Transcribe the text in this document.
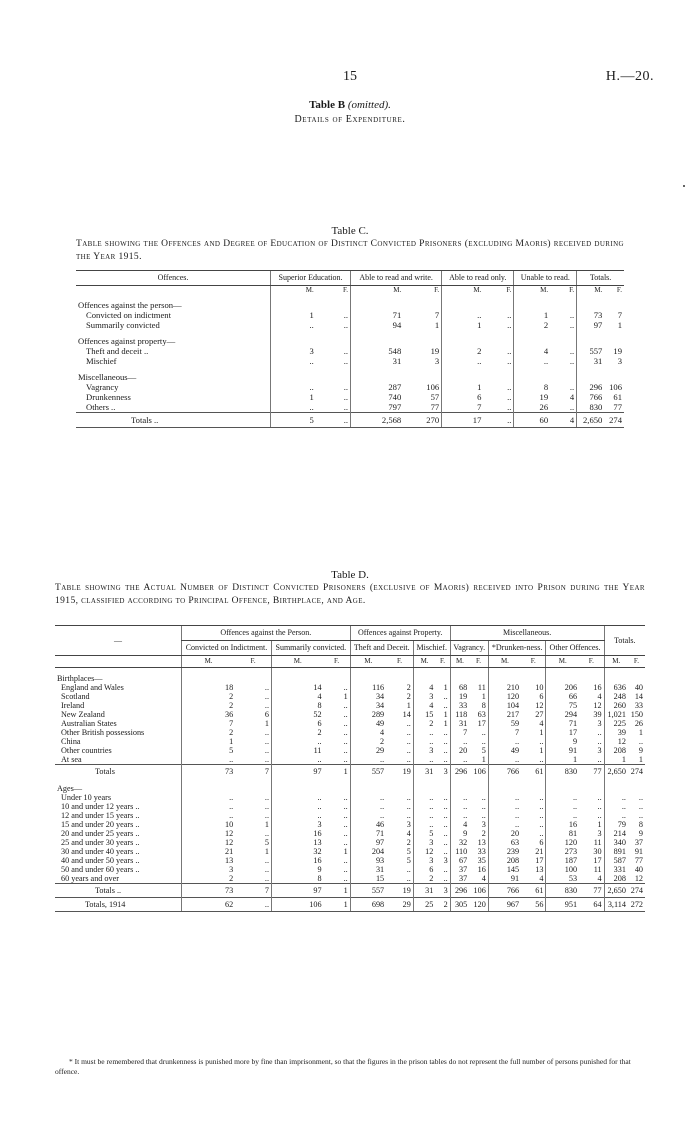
15	H.—20.
Table B (omitted).
Details of Expenditure.
Table C.
Table showing the Offences and Degree of Education of Distinct Convicted Prisoners (excluding Maoris) received during the Year 1915.
Offences.	Superior Education.		Able to read and write.		Able to read only.		Unable to read.		Totals.	
	M.	F.	M.	F.	M.	F.	M.	F.	M.	F.
Offences against the person—										
Convicted on indictment	1	..	71	7	..	..	1	..	73	7
Summarily convicted	..	..	94	1	1	..	2	..	97	1
Offences against property—										
Theft and deceit ..	3	..	548	19	2	..	4	..	557	19
Mischief	..	..	31	3	..	..	..	..	31	3
Miscellaneous—										
Vagrancy	..	..	287	106	1	..	8	..	296	106
Drunkenness	1	..	740	57	6	..	19	4	766	61
Others ..	..	..	797	77	7	..	26	..	830	77
Totals ..	5	..	2,568	270	17	..	60	4	2,650	274
Table D.
Table showing the Actual Number of Distinct Convicted Prisoners (exclusive of Maoris) received into Prison during the Year 1915, classified according to Principal Offence, Birthplace, and Age.
—	Offences against the Person.				Offences against Property.				Miscellaneous.						Totals.	
	Convicted on Indictment.		Summarily convicted.		Theft and Deceit.		Mischief.		Vagrancy.		*Drunken-ness.		Other Offences.			
	M.	F.	M.	F.	M.	F.	M.	F.	M.	F.	M.	F.	M.	F.	M.	F.
Birthplaces—																
England and Wales	18	..	14	..	116	2	4	1	68	11	210	10	206	16	636	40
Scotland	2	..	4	1	34	2	3	..	19	1	120	6	66	4	248	14
Ireland	2	..	8	..	34	1	4	..	33	8	104	12	75	12	260	33
New Zealand	36	6	52	..	289	14	15	1	118	63	217	27	294	39	1,021	150
Australian States	7	1	6	..	49	..	2	1	31	17	59	4	71	3	225	26
Other British possessions	2	..	2	..	4	..	..	..	7	..	7	1	17	..	39	1
China	1	..	..	..	2	..	..	..	..	..	..	..	9	..	12	..
Other countries	5	..	11	..	29	..	3	..	20	5	49	1	91	3	208	9
At sea	..	..	..	..	..	..	..	..	..	1	..	..	1	..	1	1
Totals	73	7	97	1	557	19	31	3	296	106	766	61	830	77	2,650	274
Ages—																
Under 10 years	..	..	..	..	..	..	..	..	..	..	..	..	..	..	..	..
10 and under 12 years ..	..	..	..	..	..	..	..	..	..	..	..	..	..	..	..	..
12 and under 15 years ..	..	..	..	..	..	..	..	..	..	..	..	..	..	..	..	..
15 and under 20 years ..	10	1	3	..	46	3	..	..	4	3	..	..	16	1	79	8
20 and under 25 years ..	12	..	16	..	71	4	5	..	9	2	20	..	81	3	214	9
25 and under 30 years ..	12	5	13	..	97	2	3	..	32	13	63	6	120	11	340	37
30 and under 40 years ..	21	1	32	1	204	5	12	..	110	33	239	21	273	30	891	91
40 and under 50 years ..	13	..	16	..	93	5	3	3	67	35	208	17	187	17	587	77
50 and under 60 years ..	3	..	9	..	31	..	6	..	37	16	145	13	100	11	331	40
60 years and over	2	..	8	..	15	..	2	..	37	4	91	4	53	4	208	12
Totals ..	73	7	97	1	557	19	31	3	296	106	766	61	830	77	2,650	274
Totals, 1914	62	..	106	1	698	29	25	2	305	120	967	56	951	64	3,114	272
* It must be remembered that drunkenness is punished more by fine than imprisonment, so that the figures in the prison tables do not represent the full number of persons punished for that offence.
